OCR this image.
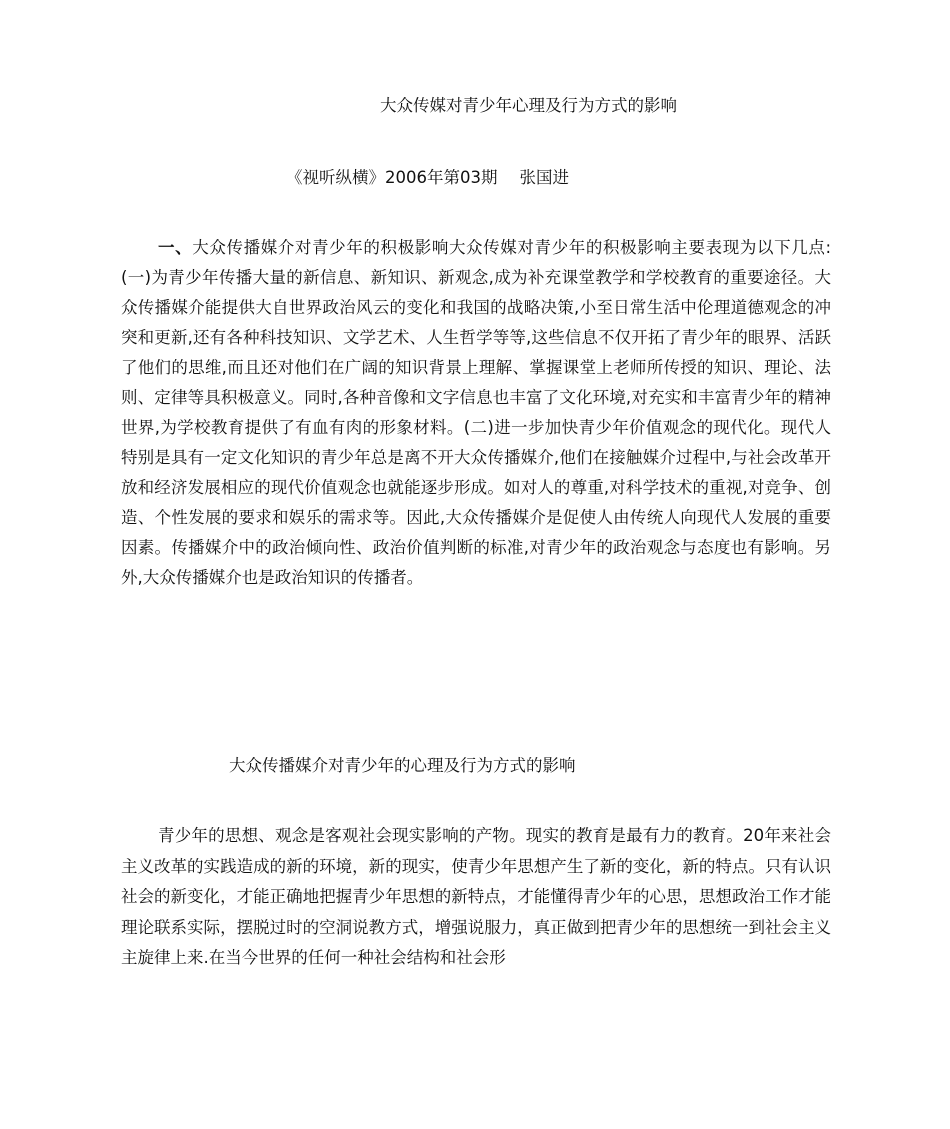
大众传媒对青少年心理及行为方式的影响
《视听纵横》2006年第03期 张国进

一、大众传播媒介对青少年的积极影响大众传媒对青少年的积极影响主要表现为以下几点:(一)为青少年传播大量的新信息、新知识、新观念,成为补充课堂教学和学校教育的重要途径。大众传播媒介能提供大自世界政治风云的变化和我国的战略决策,小至日常生活中伦理道德观念的冲突和更新,还有各种科技知识、文学艺术、人生哲学等等,这些信息不仅开拓了青少年的眼界、活跃了他们的思维,而且还对他们在广阔的知识背景上理解、掌握课堂上老师所传授的知识、理论、法则、定律等具积极意义。同时,各种音像和文字信息也丰富了文化环境,对充实和丰富青少年的精神世界,为学校教育提供了有血有肉的形象材料。(二)进一步加快青少年价值观念的现代化。现代人特别是具有一定文化知识的青少年总是离不开大众传播媒介,他们在接触媒介过程中,与社会改革开放和经济发展相应的现代价值观念也就能逐步形成。如对人的尊重,对科学技术的重视,对竞争、创造、个性发展的要求和娱乐的需求等。因此,大众传播媒介是促使人由传统人向现代人发展的重要因素。传播媒介中的政治倾向性、政治价值判断的标准,对青少年的政治观念与态度也有影响。另外,大众传播媒介也是政治知识的传播者。

大众传播媒介对青少年的心理及行为方式的影响

青少年的思想、观念是客观社会现实影响的产物。现实的教育是最有力的教育。20年来社会主义改革的实践造成的新的环境，新的现实，使青少年思想产生了新的变化，新的特点。只有认识社会的新变化，才能正确地把握青少年思想的新特点，才能懂得青少年的心思，思想政治工作才能理论联系实际，摆脱过时的空洞说教方式，增强说服力，真正做到把青少年的思想统一到社会主义主旋律上来.在当今世界的任何一种社会结构和社会形
